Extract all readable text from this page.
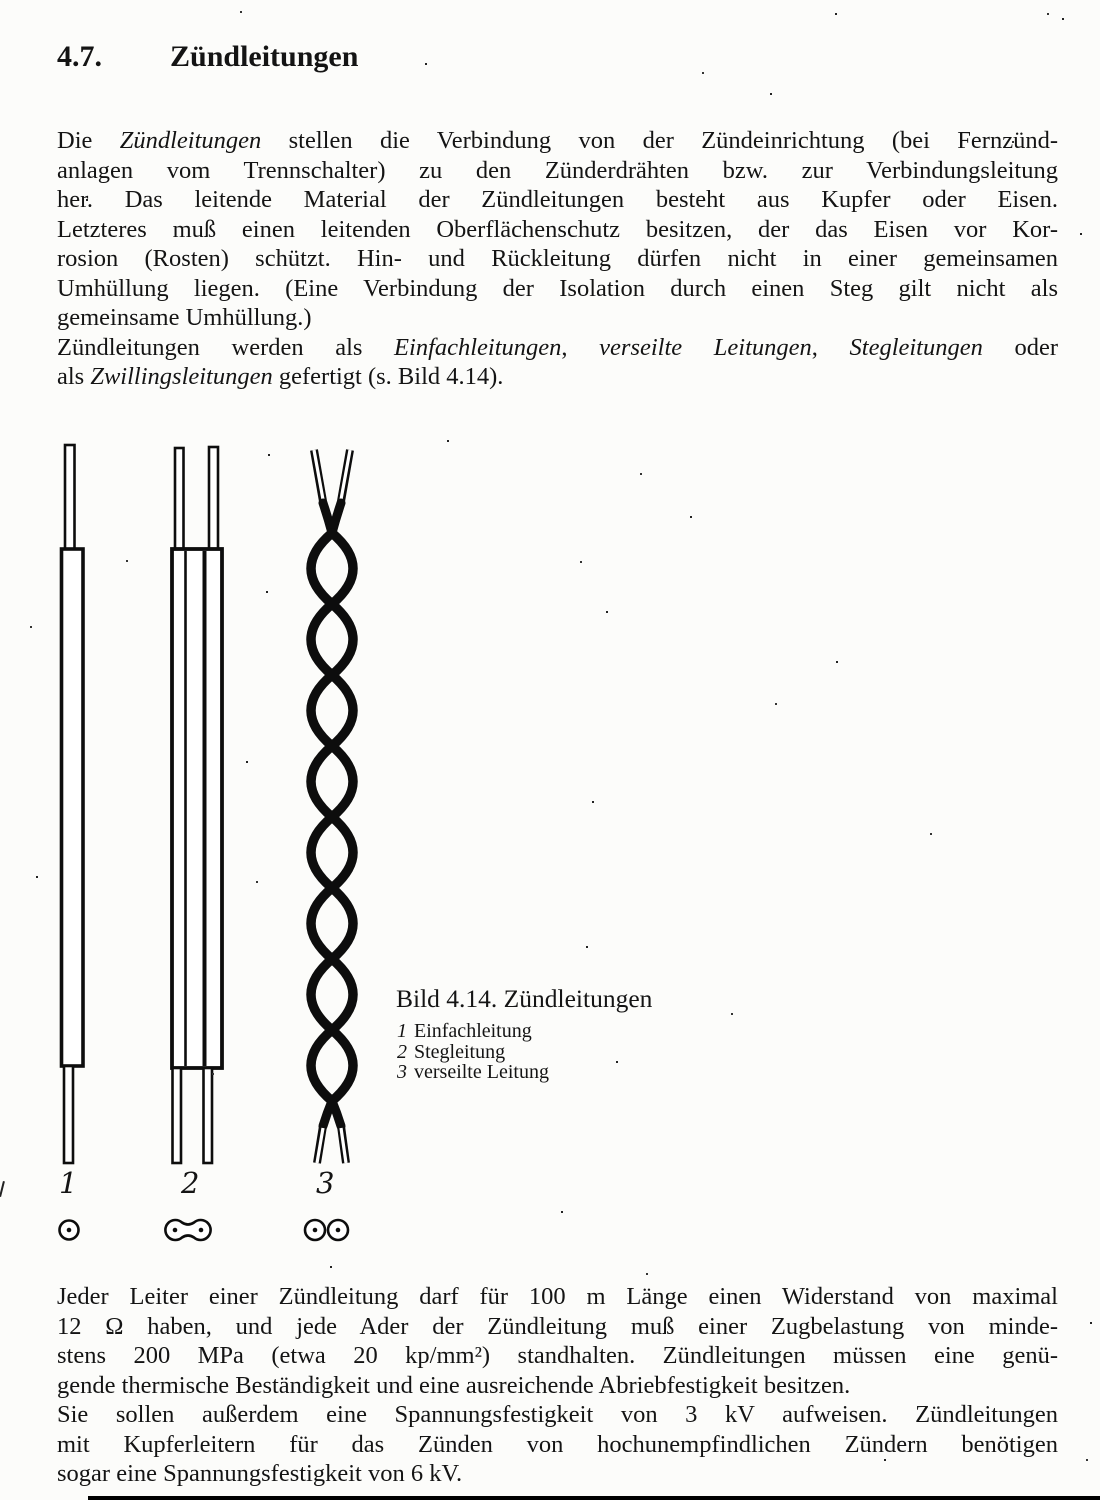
4.7. Zündleitungen
Die Zündleitungen stellen die Verbindung von der Zündeinrichtung (bei Fernzünd-
anlagen vom Trennschalter) zu den Zünderdrähten bzw. zur Verbindungsleitung
her. Das leitende Material der Zündleitungen besteht aus Kupfer oder Eisen.
Letzteres muß einen leitenden Oberflächenschutz besitzen, der das Eisen vor Kor-
rosion (Rosten) schützt. Hin- und Rückleitung dürfen nicht in einer gemeinsamen
Umhüllung liegen. (Eine Verbindung der Isolation durch einen Steg gilt nicht als
gemeinsame Umhüllung.)
Zündleitungen werden als Einfachleitungen, verseilte Leitungen, Stegleitungen oder
als Zwillingsleitungen gefertigt (s. Bild 4.14).
1	2	3
Bild 4.14. Zündleitungen
1 Einfachleitung
2 Stegleitung
3 verseilte Leitung
Jeder Leiter einer Zündleitung darf für 100 m Länge einen Widerstand von maximal
12 Ω haben, und jede Ader der Zündleitung muß einer Zugbelastung von minde-
stens 200 MPa (etwa 20 kp/mm²) standhalten. Zündleitungen müssen eine genü-
gende thermische Beständigkeit und eine ausreichende Abriebfestigkeit besitzen.
Sie sollen außerdem eine Spannungsfestigkeit von 3 kV aufweisen. Zündleitungen
mit Kupferleitern für das Zünden von hochunempfindlichen Zündern benötigen
sogar eine Spannungsfestigkeit von 6 kV.
